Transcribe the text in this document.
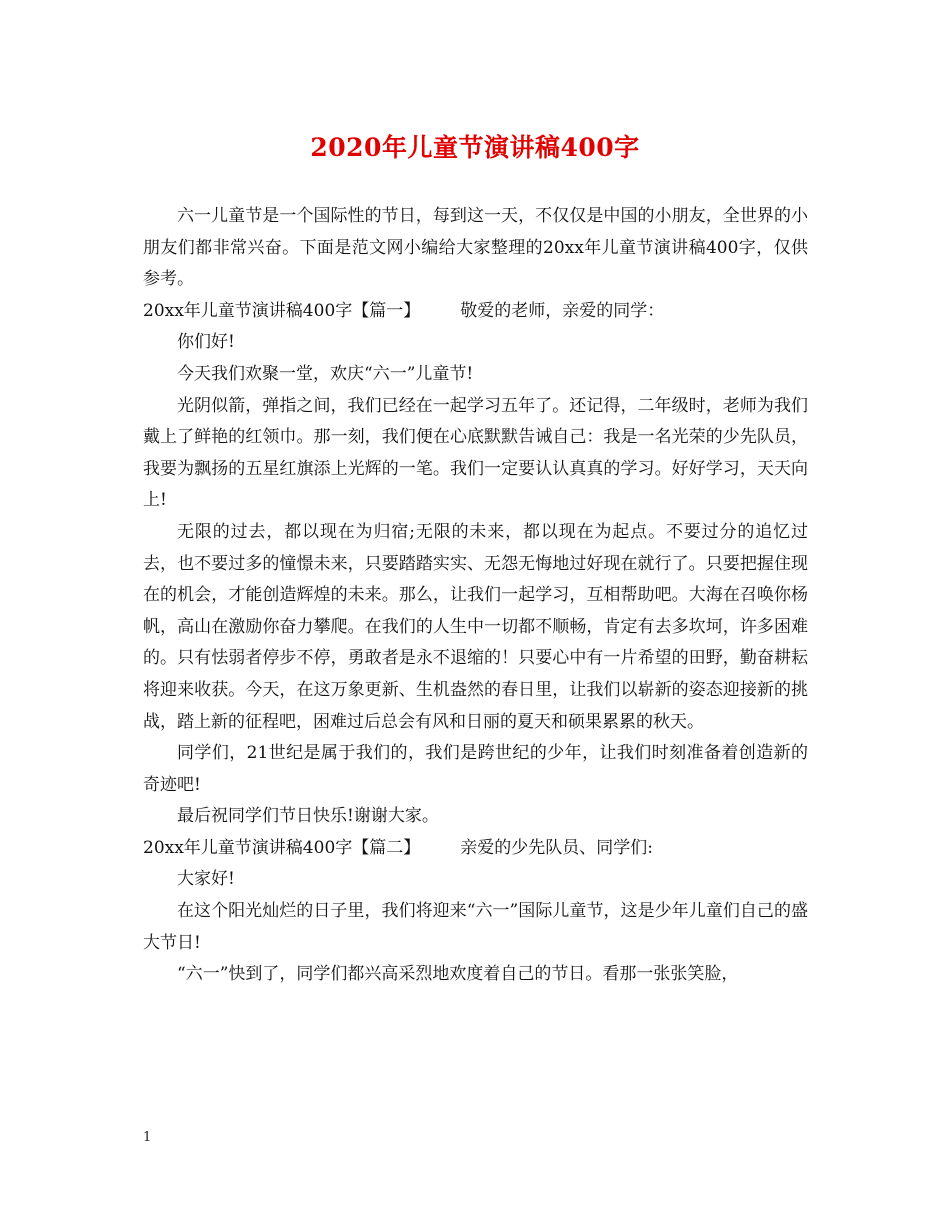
2020年儿童节演讲稿400字

六一儿童节是一个国际性的节日，每到这一天，不仅仅是中国的小朋友，全世界的小朋友们都非常兴奋。下面是范文网小编给大家整理的20xx年儿童节演讲稿400字，仅供参考。

20xx年儿童节演讲稿400字【篇一】 敬爱的老师，亲爱的同学：

你们好!

今天我们欢聚一堂，欢庆“六一”儿童节!

光阴似箭，弹指之间，我们已经在一起学习五年了。还记得，二年级时，老师为我们戴上了鲜艳的红领巾。那一刻，我们便在心底默默告诫自己：我是一名光荣的少先队员，我要为飘扬的五星红旗添上光辉的一笔。我们一定要认认真真的学习。好好学习，天天向上!

无限的过去，都以现在为归宿;无限的未来，都以现在为起点。不要过分的追忆过去，也不要过多的憧憬未来，只要踏踏实实、无怨无悔地过好现在就行了。只要把握住现在的机会，才能创造辉煌的未来。那么，让我们一起学习，互相帮助吧。大海在召唤你杨帆，高山在激励你奋力攀爬。在我们的人生中一切都不顺畅，肯定有去多坎坷，许多困难的。只有怯弱者停步不停，勇敢者是永不退缩的！只要心中有一片希望的田野，勤奋耕耘将迎来收获。今天，在这万象更新、生机盎然的春日里，让我们以崭新的姿态迎接新的挑战，踏上新的征程吧，困难过后总会有风和日丽的夏天和硕果累累的秋天。

同学们，21世纪是属于我们的，我们是跨世纪的少年，让我们时刻准备着创造新的奇迹吧!

最后祝同学们节日快乐!谢谢大家。

20xx年儿童节演讲稿400字【篇二】 亲爱的少先队员、同学们:

大家好!

在这个阳光灿烂的日子里，我们将迎来“六一”国际儿童节，这是少年儿童们自己的盛大节日!

“六一”快到了，同学们都兴高采烈地欢度着自己的节日。看那一张张笑脸，

1
